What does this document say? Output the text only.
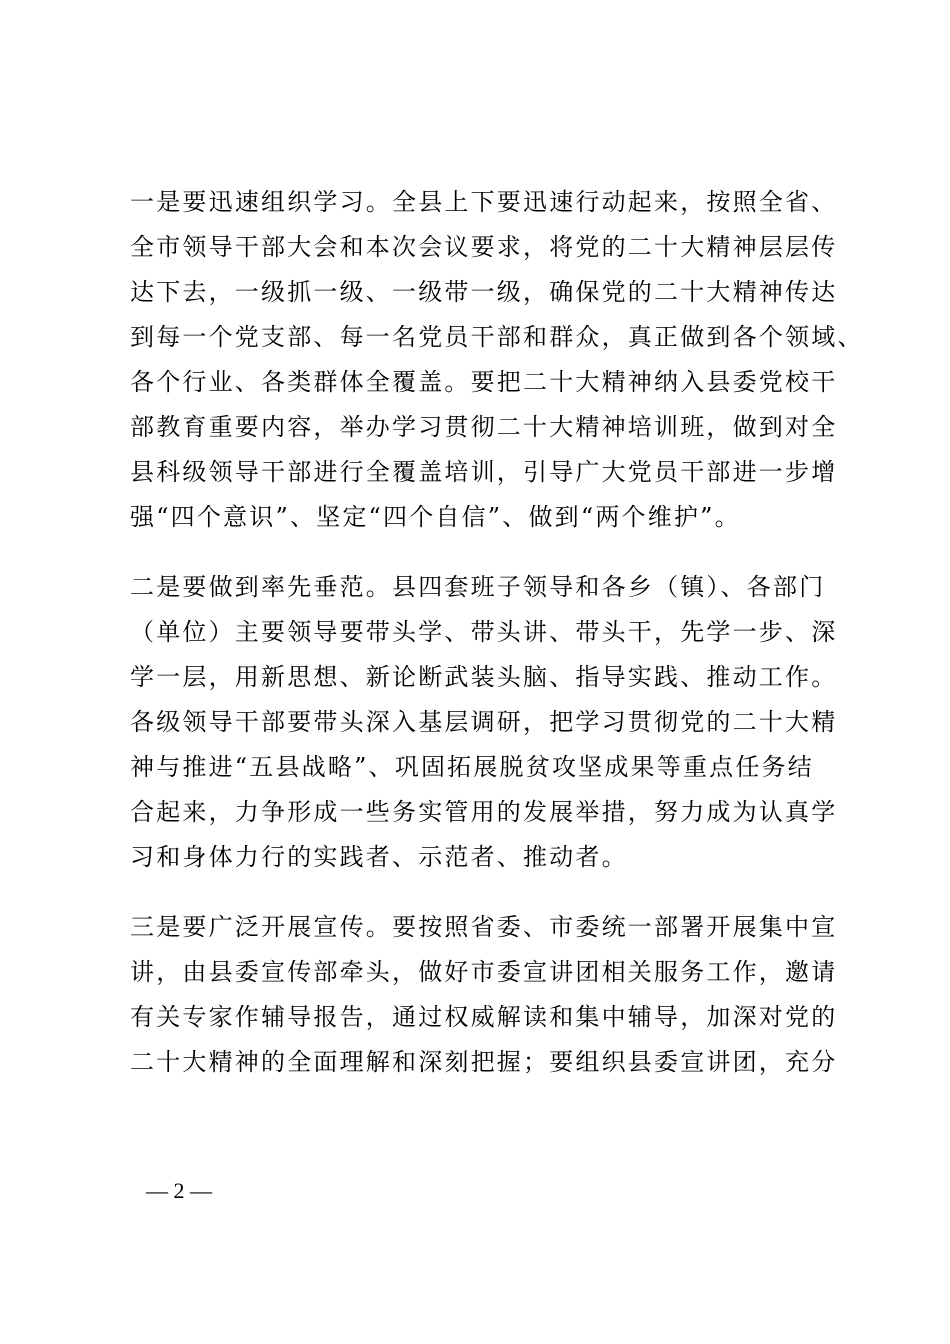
一是要迅速组织学习。全县上下要迅速行动起来，按照全省、
全市领导干部大会和本次会议要求，将党的二十大精神层层传
达下去，一级抓一级、一级带一级，确保党的二十大精神传达
到每一个党支部、每一名党员干部和群众，真正做到各个领域、
各个行业、各类群体全覆盖。要把二十大精神纳入县委党校干
部教育重要内容，举办学习贯彻二十大精神培训班，做到对全
县科级领导干部进行全覆盖培训，引导广大党员干部进一步增
强“四个意识”、坚定“四个自信”、做到“两个维护”。
二是要做到率先垂范。县四套班子领导和各乡（镇）、各部门
（单位）主要领导要带头学、带头讲、带头干，先学一步、深
学一层，用新思想、新论断武装头脑、指导实践、推动工作。
各级领导干部要带头深入基层调研，把学习贯彻党的二十大精
神与推进“五县战略”、巩固拓展脱贫攻坚成果等重点任务结
合起来，力争形成一些务实管用的发展举措，努力成为认真学
习和身体力行的实践者、示范者、推动者。
三是要广泛开展宣传。要按照省委、市委统一部署开展集中宣
讲，由县委宣传部牵头，做好市委宣讲团相关服务工作，邀请
有关专家作辅导报告，通过权威解读和集中辅导，加深对党的
二十大精神的全面理解和深刻把握；要组织县委宣讲团，充分
— 2 —
